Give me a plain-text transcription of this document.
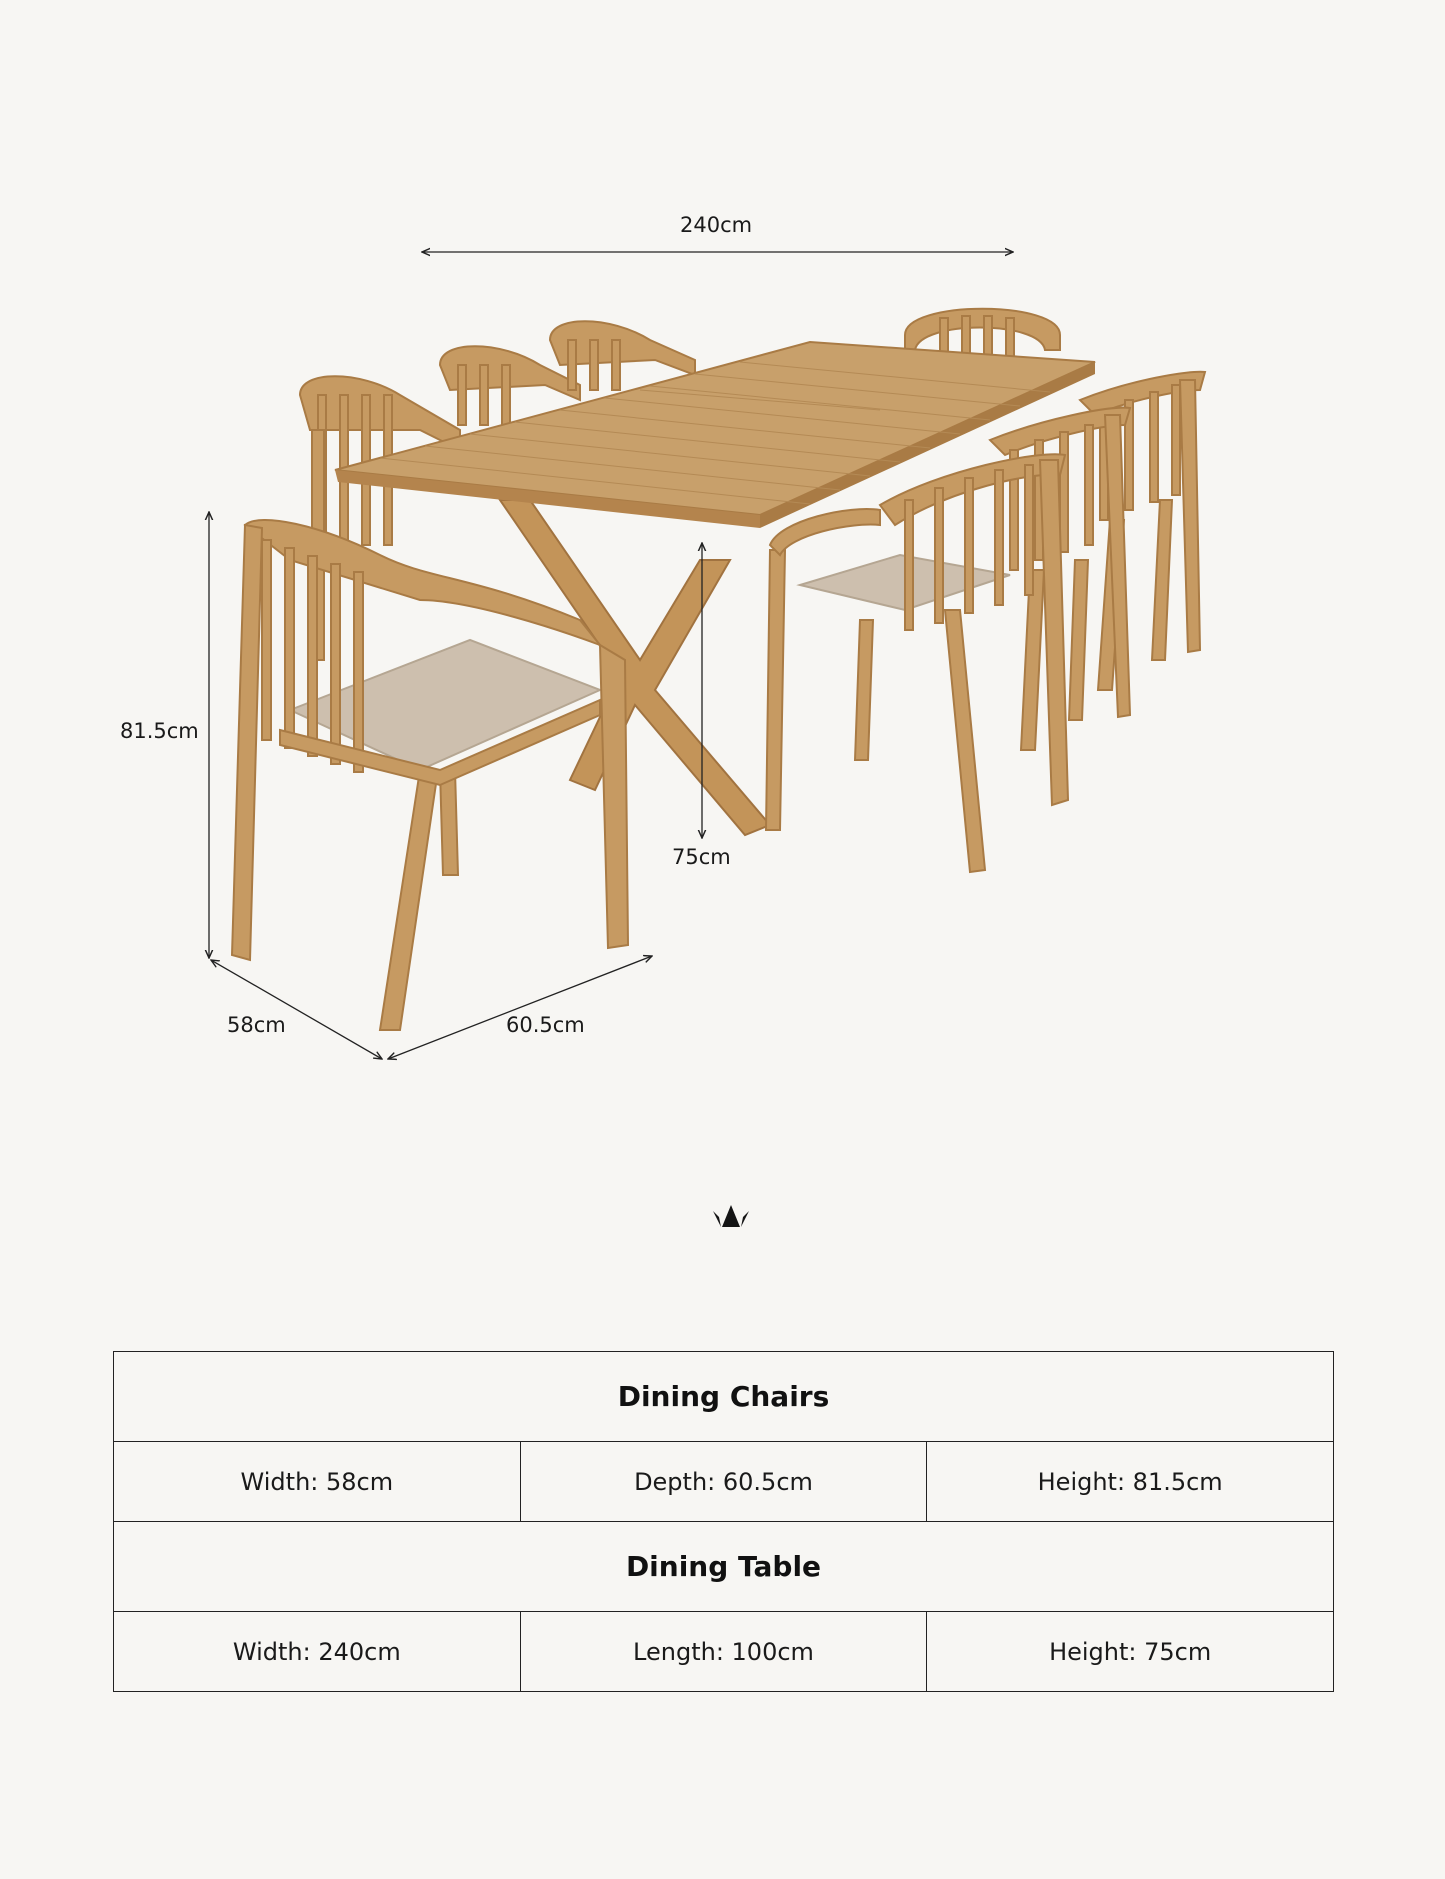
240cm
81.5cm
75cm
58cm	60.5cm
Dining Chairs		
Width: 58cm	Depth: 60.5cm	Height: 81.5cm
Dining Table		
Width: 240cm	Length: 100cm	Height: 75cm
